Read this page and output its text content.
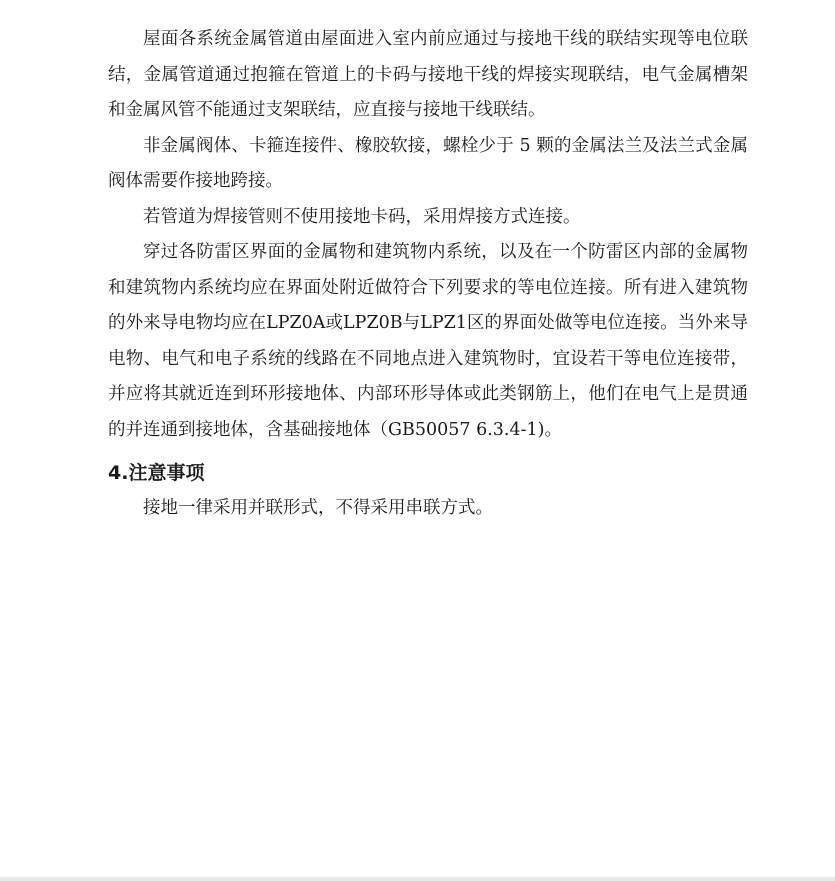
屋面各系统金属管道由屋面进入室内前应通过与接地干线的联结实现等电位联结，金属管道通过抱箍在管道上的卡码与接地干线的焊接实现联结，电气金属槽架和金属风管不能通过支架联结，应直接与接地干线联结。

非金属阀体、卡箍连接件、橡胶软接，螺栓少于 5 颗的金属法兰及法兰式金属阀体需要作接地跨接。

若管道为焊接管则不使用接地卡码，采用焊接方式连接。

穿过各防雷区界面的金属物和建筑物内系统，以及在一个防雷区内部的金属物和建筑物内系统均应在界面处附近做符合下列要求的等电位连接。所有进入建筑物的外来导电物均应在LPZ0A或LPZ0B与LPZ1区的界面处做等电位连接。当外来导电物、电气和电子系统的线路在不同地点进入建筑物时，宜设若干等电位连接带，并应将其就近连到环形接地体、内部环形导体或此类钢筋上，他们在电气上是贯通的并连通到接地体，含基础接地体（GB50057 6.3.4-1)。

4.注意事项

接地一律采用并联形式，不得采用串联方式。
